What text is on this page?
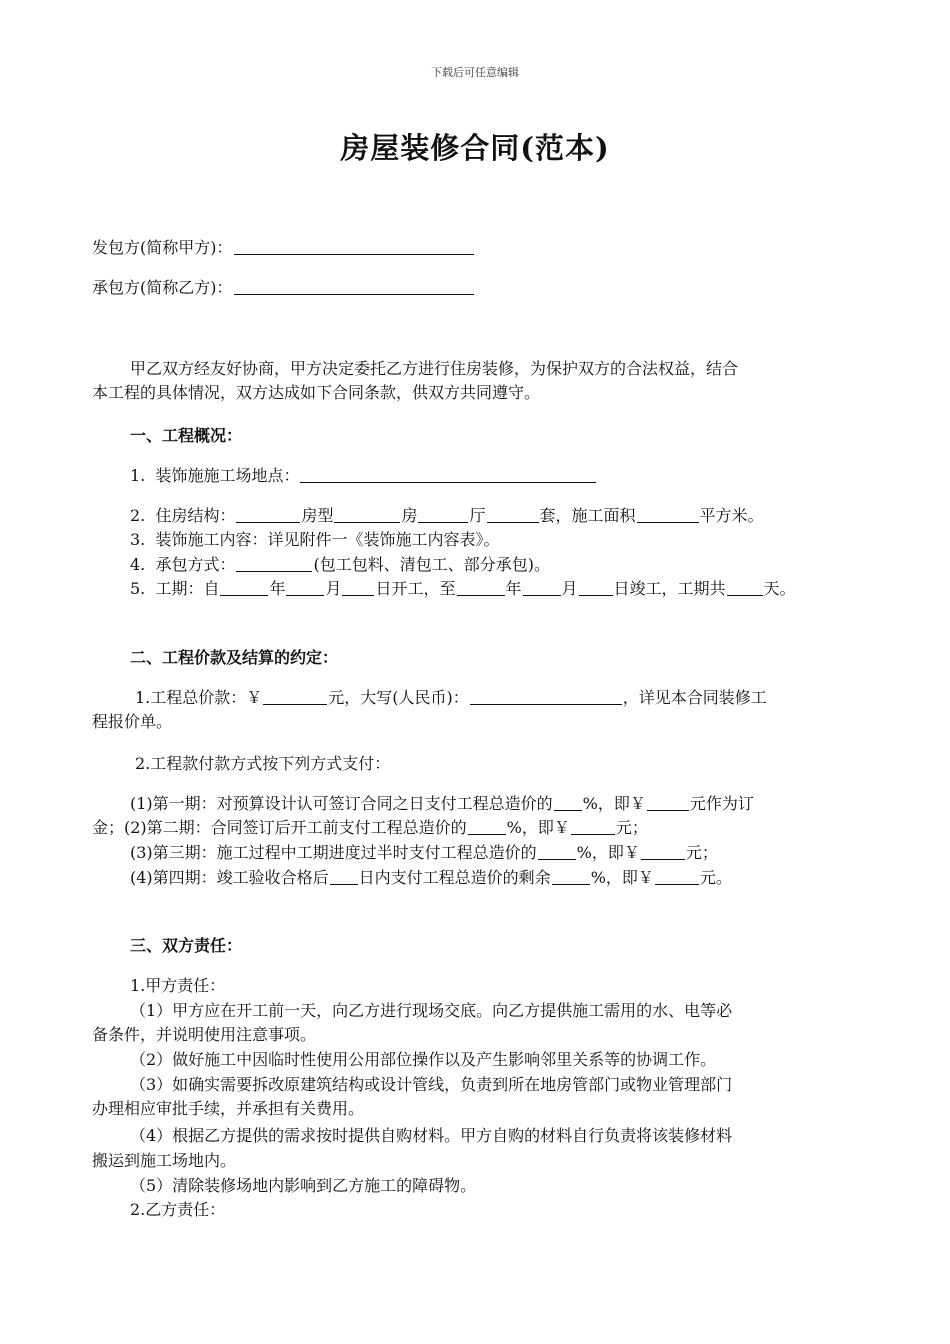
下载后可任意编辑
房屋装修合同(范本)
发包方(简称甲方)：
承包方(简称乙方)：
甲乙双方经友好协商，甲方决定委托乙方进行住房装修，为保护双方的合法权益，结合
本工程的具体情况，双方达成如下合同条款，供双方共同遵守。
一、工程概况：
1. 装饰施施工场地点：
2. 住房结构：	房型	房	厅	套，施工面积	平方米。
3. 装饰施工内容：详见附件一《装饰施工内容表》。
4. 承包方式：	(包工包料、清包工、部分承包)。
5. 工期：自	年	月 日开工，至	年	月 日竣工，工期共 天。
二、工程价款及结算的约定：
1.工程总价款：￥	元，大写(人民币)：	，详见本合同装修工
程报价单。
2.工程款付款方式按下列方式支付：
(1)第一期：对预算设计认可签订合同之日支付工程总造价的 %，即￥	元作为订
金；(2)第二期：合同签订后开工前支付工程总造价的	%，即￥	元；
(3)第三期：施工过程中工期进度过半时支付工程总造价的	%，即￥	元；
(4)第四期：竣工验收合格后 日内支付工程总造价的剩余	%，即￥	元。
三、双方责任：
1.甲方责任：
（1）甲方应在开工前一天，向乙方进行现场交底。向乙方提供施工需用的水、电等必
备条件，并说明使用注意事项。
（2）做好施工中因临时性使用公用部位操作以及产生影响邻里关系等的协调工作。
（3）如确实需要拆改原建筑结构或设计管线，负责到所在地房管部门或物业管理部门
办理相应审批手续，并承担有关费用。
（4）根据乙方提供的需求按时提供自购材料。甲方自购的材料自行负责将该装修材料
搬运到施工场地内。
（5）清除装修场地内影响到乙方施工的障碍物。
2.乙方责任：
